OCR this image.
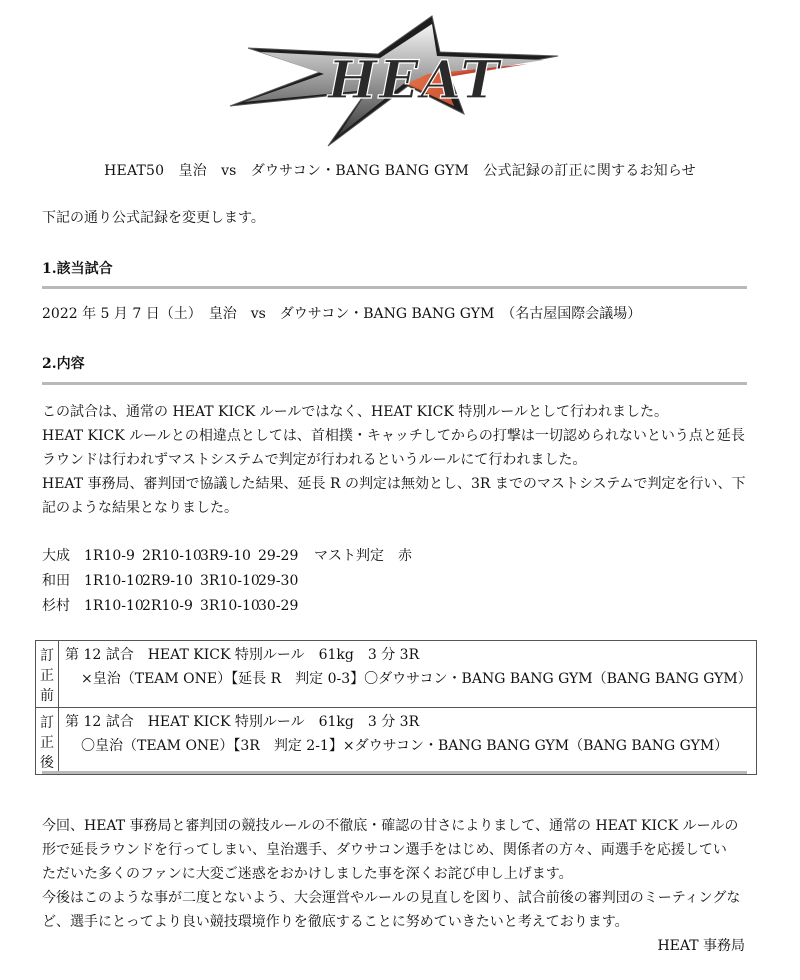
HEAT
HEAT50　皇治　vs　ダウサコン・BANG BANG GYM　公式記録の訂正に関するお知らせ
下記の通り公式記録を変更します。
1.該当試合
2022 年 5 月 7 日（土）　皇治　vs　ダウサコン・BANG BANG GYM　（名古屋国際会議場）
2.内容
この試合は、通常の HEAT KICK ルールではなく、HEAT KICK 特別ルールとして行われました。
HEAT KICK ルールとの相違点としては、首相撲・キャッチしてからの打撃は一切認められないという点と延長
ラウンドは行われずマストシステムで判定が行われるというルールにて行われました。
HEAT 事務局、審判団で協議した結果、延長 R の判定は無効とし、3R までのマストシステムで判定を行い、下
記のような結果となりました。
大成 1R10-9 2R10-103R9-10 29-29 マスト判定　赤
和田 1R10-102R9-10 3R10-1029-30
杉村 1R10-102R10-9 3R10-1030-29
訂正前	第 12 試合　HEAT KICK 特別ルール　61kg　3 分 3R
×皇治（TEAM ONE）【延長 R　判定 0-3】〇ダウサコン・BANG BANG GYM（BANG BANG GYM）

訂正後	第 12 試合　HEAT KICK 特別ルール　61kg　3 分 3R
〇皇治（TEAM ONE）【3R　判定 2-1】×ダウサコン・BANG BANG GYM（BANG BANG GYM）
今回、HEAT 事務局と審判団の競技ルールの不徹底・確認の甘さによりまして、通常の HEAT KICK ルールの
形で延長ラウンドを行ってしまい、皇治選手、ダウサコン選手をはじめ、関係者の方々、両選手を応援してい
ただいた多くのファンに大変ご迷惑をおかけしました事を深くお詫び申し上げます。
今後はこのような事が二度とないよう、大会運営やルールの見直しを図り、試合前後の審判団のミーティングな
ど、選手にとってより良い競技環境作りを徹底することに努めていきたいと考えております。
HEAT 事務局
